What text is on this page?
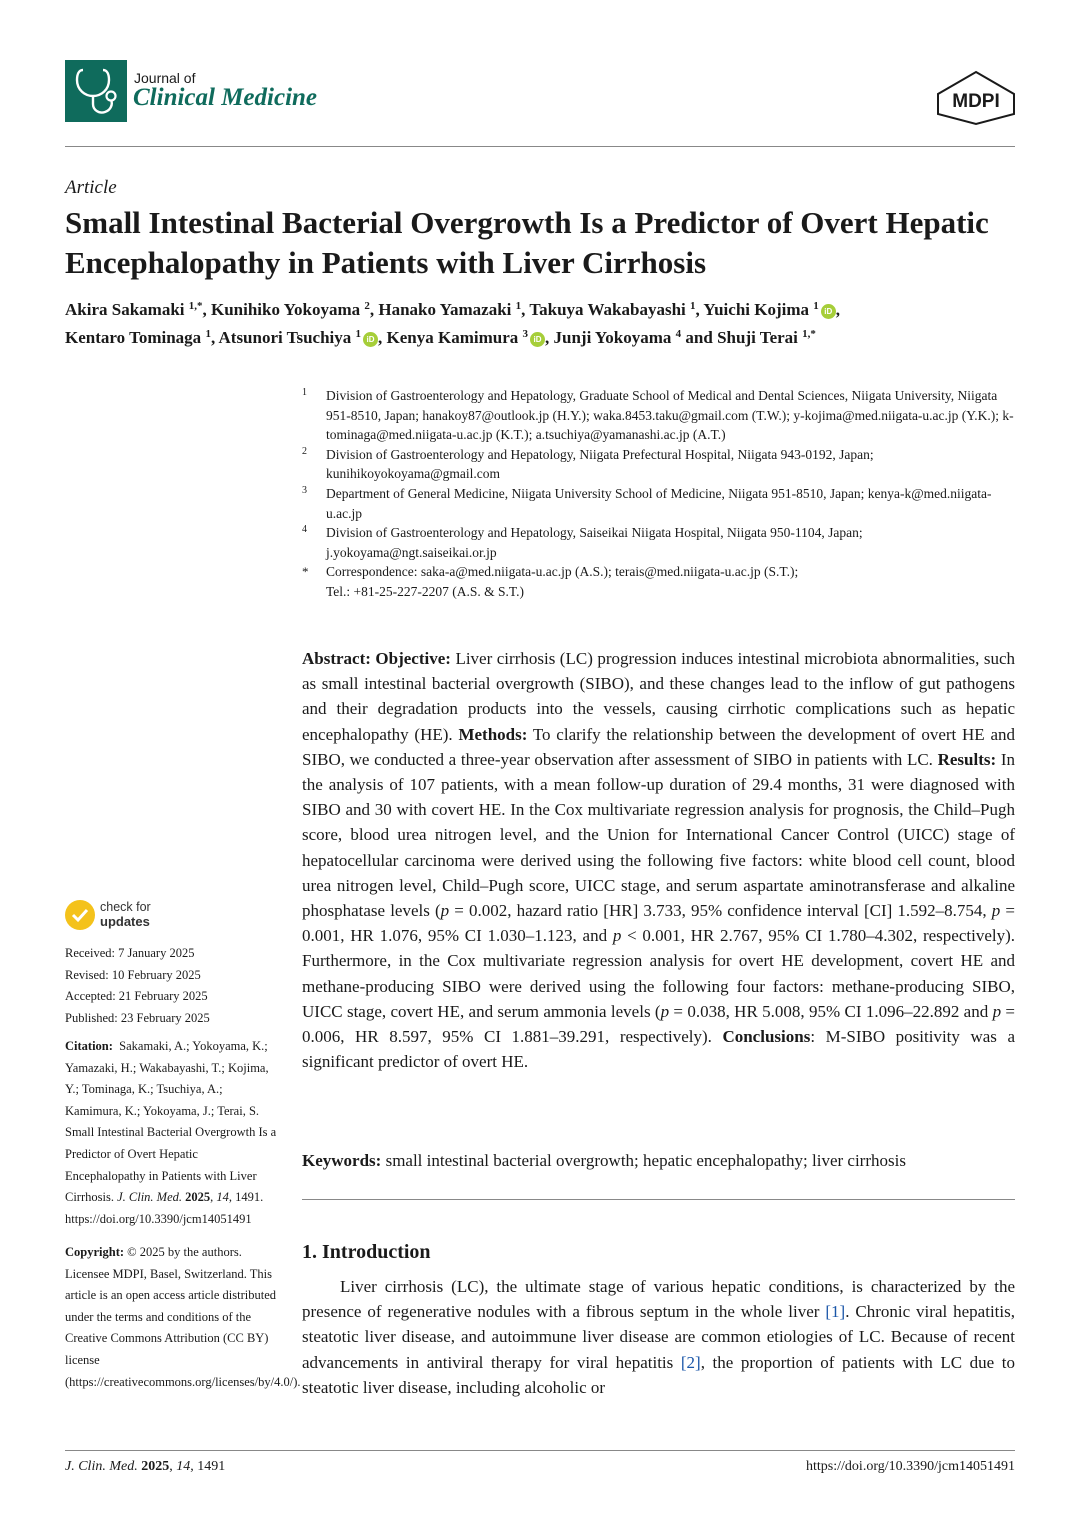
Journal of
Clinical Medicine	MDPI
Article
Small Intestinal Bacterial Overgrowth Is a Predictor of Overt Hepatic Encephalopathy in Patients with Liver Cirrhosis
Akira Sakamaki $^{1,*}$, Kunihiko Yokoyama $^2$, Hanako Yamazaki $^1$, Takuya Wakabayashi $^1$, Yuichi Kojima $^1$ iD ,
Kentaro Tominaga $^1$, Atsunori Tsuchiya $^1$ iD , Kenya Kamimura $^3$ iD , Junji Yokoyama $^4$ and Shuji Terai $^{1,*}$
1 Division of Gastroenterology and Hepatology, Graduate School of Medical and Dental Sciences, Niigata University, Niigata 951-8510, Japan; hanakoy87@outlook.jp (H.Y.); waka.8453.taku@gmail.com (T.W.); y-kojima@med.niigata-u.ac.jp (Y.K.); k-tominaga@med.niigata-u.ac.jp (K.T.); a.tsuchiya@yamanashi.ac.jp (A.T.)
2 Division of Gastroenterology and Hepatology, Niigata Prefectural Hospital, Niigata 943-0192, Japan; kunihikoyokoyama@gmail.com
3 Department of General Medicine, Niigata University School of Medicine, Niigata 951-8510, Japan; kenya-k@med.niigata-u.ac.jp
4 Division of Gastroenterology and Hepatology, Saiseikai Niigata Hospital, Niigata 950-1104, Japan; j.yokoyama@ngt.saiseikai.or.jp
* Correspondence: saka-a@med.niigata-u.ac.jp (A.S.); terais@med.niigata-u.ac.jp (S.T.);
Tel.: +81-25-227-2207 (A.S. & S.T.)
Abstract: Objective: Liver cirrhosis (LC) progression induces intestinal microbiota abnormalities, such as small intestinal bacterial overgrowth (SIBO), and these changes lead to the inflow of gut pathogens and their degradation products into the vessels, causing cirrhotic complications such as hepatic encephalopathy (HE). Methods: To clarify the relationship between the development of overt HE and SIBO, we conducted a three-year observation after assessment of SIBO in patients with LC. Results: In the analysis of 107 patients, with a mean follow-up duration of 29.4 months, 31 were diagnosed with SIBO and 30 with covert HE. In the Cox multivariate regression analysis for prognosis, the Child–Pugh score, blood urea nitrogen level, and the Union for International Cancer Control (UICC) stage of hepatocellular carcinoma were derived using the following five factors: white blood cell count, blood urea nitrogen level, Child–Pugh score, UICC stage, and serum aspartate aminotransferase and alkaline phosphatase levels (p = 0.002, hazard ratio [HR] 3.733, 95% confidence interval [CI] 1.592–8.754, p = 0.001, HR 1.076, 95% CI 1.030–1.123, and p < 0.001, HR 2.767, 95% CI 1.780–4.302, respectively). Furthermore, in the Cox multivariate regression analysis for overt HE development, covert HE and methane-producing SIBO were derived using the following four factors: methane-producing SIBO, UICC stage, covert HE, and serum ammonia levels (p = 0.038, HR 5.008, 95% CI 1.096–22.892 and p = 0.006, HR 8.597, 95% CI 1.881–39.291, respectively). Conclusions: M-SIBO positivity was a significant predictor of overt HE.
Keywords: small intestinal bacterial overgrowth; hepatic encephalopathy; liver cirrhosis
1. Introduction
Liver cirrhosis (LC), the ultimate stage of various hepatic conditions, is characterized by the presence of regenerative nodules with a fibrous septum in the whole liver [1]. Chronic viral hepatitis, steatotic liver disease, and autoimmune liver disease are common etiologies of LC. Because of recent advancements in antiviral therapy for viral hepatitis [2], the proportion of patients with LC due to steatotic liver disease, including alcoholic or
check for
updates
Received: 7 January 2025
Revised: 10 February 2025
Accepted: 21 February 2025
Published: 23 February 2025
Citation: Sakamaki, A.; Yokoyama, K.; Yamazaki, H.; Wakabayashi, T.; Kojima, Y.; Tominaga, K.; Tsuchiya, A.; Kamimura, K.; Yokoyama, J.; Terai, S. Small Intestinal Bacterial Overgrowth Is a Predictor of Overt Hepatic Encephalopathy in Patients with Liver Cirrhosis. J. Clin. Med. 2025, 14, 1491. https://doi.org/10.3390/jcm14051491
Copyright: © 2025 by the authors. Licensee MDPI, Basel, Switzerland. This article is an open access article distributed under the terms and conditions of the Creative Commons Attribution (CC BY) license (https://creativecommons.org/licenses/by/4.0/).
J. Clin. Med. 2025, 14, 1491	https://doi.org/10.3390/jcm14051491
